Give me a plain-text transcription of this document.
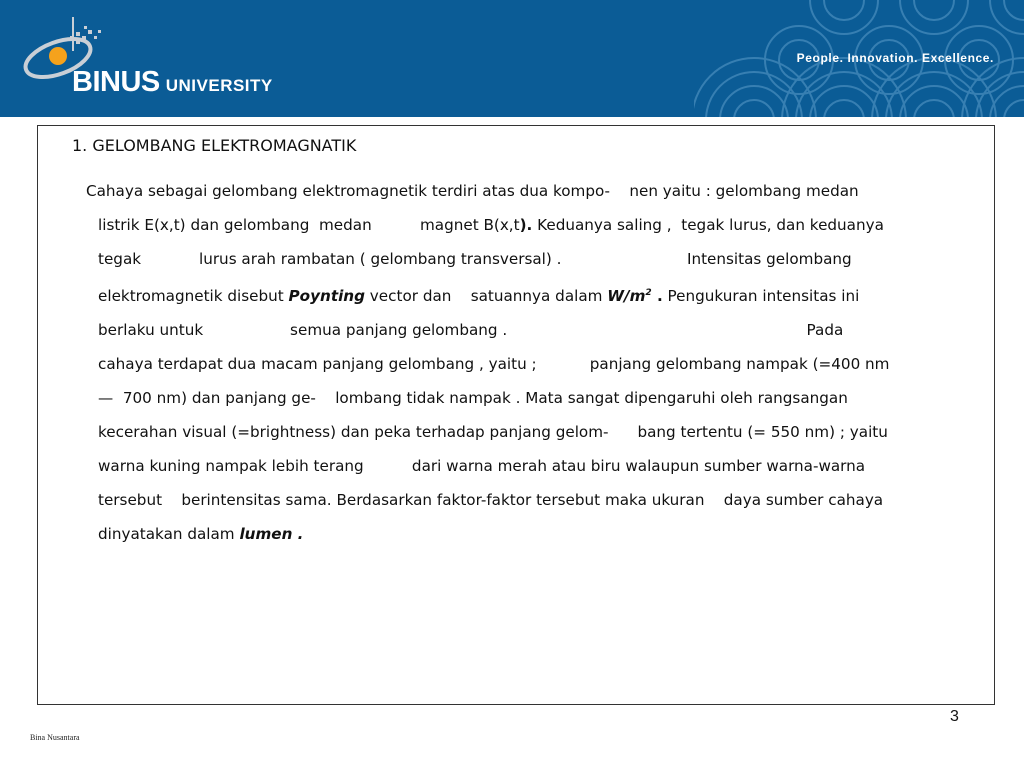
BINUS UNIVERSITY
People. Innovation. Excellence.
1. GELOMBANG ELEKTROMAGNATIK
Cahaya sebagai gelombang elektromagnetik terdiri atas dua kompo-    nen yaitu : gelombang medan
listrik E(x,t) dan gelombang  medan          magnet B(x,t). Keduanya saling ,  tegak lurus, dan keduanya
tegak            lurus arah rambatan ( gelombang transversal) .                          Intensitas gelombang
elektromagnetik disebut Poynting vector dan    satuannya dalam $W/m^2$ . Pengukuran intensitas ini
berlaku untuk                  semua panjang gelombang .                                                              Pada
cahaya terdapat dua macam panjang gelombang , yaitu ;           panjang gelombang nampak (=400 nm
—  700 nm) dan panjang ge-    lombang tidak nampak . Mata sangat dipengaruhi oleh rangsangan
kecerahan visual (=brightness) dan peka terhadap panjang gelom-      bang tertentu (= 550 nm) ; yaitu
warna kuning nampak lebih terang          dari warna merah atau biru walaupun sumber warna-warna
tersebut    berintensitas sama. Berdasarkan faktor-faktor tersebut maka ukuran    daya sumber cahaya
dinyatakan dalam lumen .
3
Bina Nusantara
